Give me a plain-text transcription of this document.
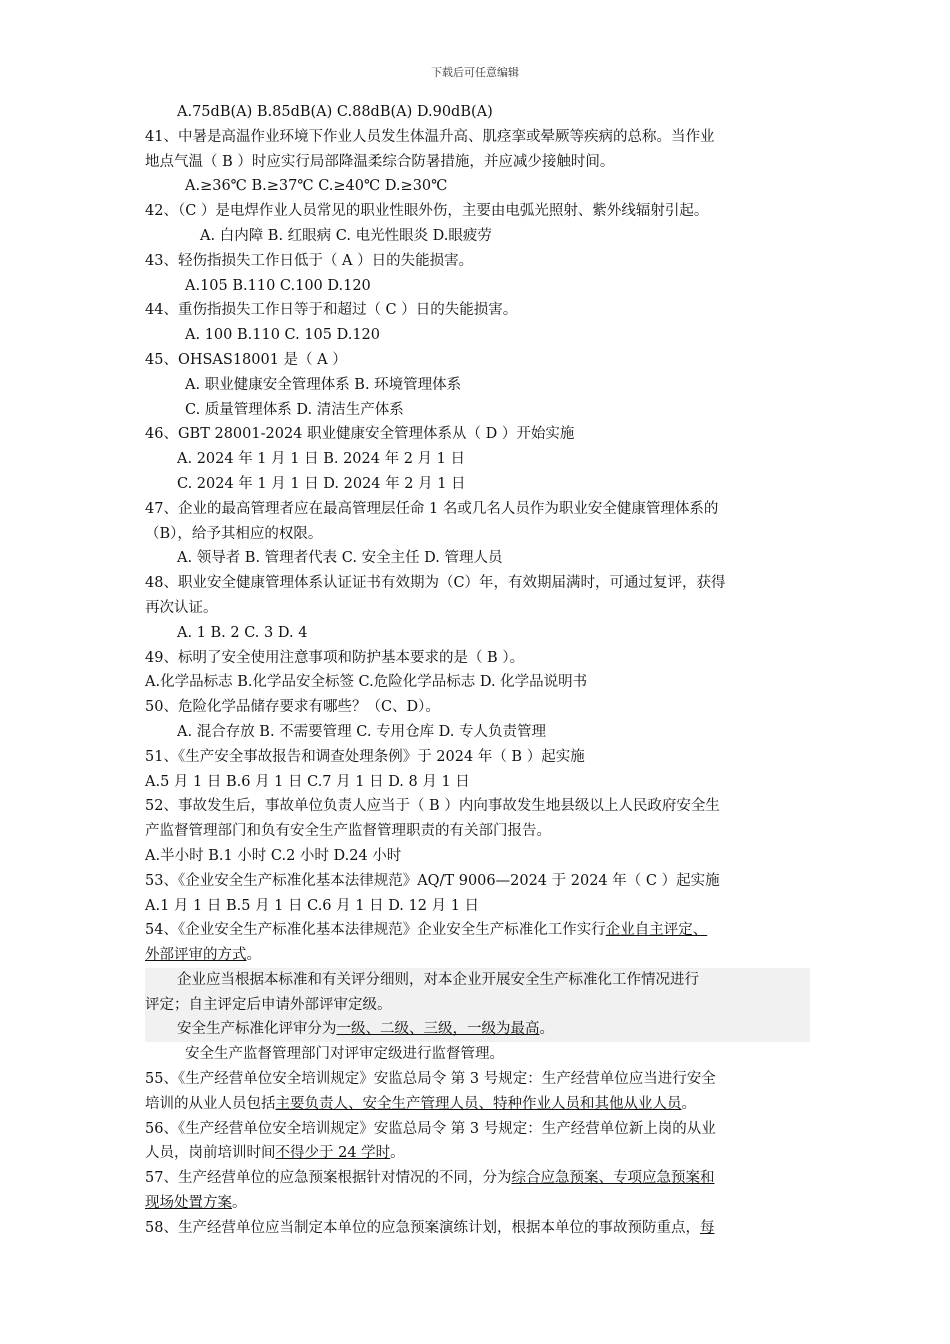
下载后可任意编辑
A.75dB(A) B.85dB(A) C.88dB(A) D.90dB(A)
41、中暑是高温作业环境下作业人员发生体温升高、肌痉挛或晕厥等疾病的总称。当作业
地点气温（ B ）时应实行局部降温柔综合防暑措施，并应减少接触时间。
A.≥36℃ B.≥37℃ C.≥40℃ D.≥30℃
42、（C ）是电焊作业人员常见的职业性眼外伤，主要由电弧光照射、紫外线辐射引起。
A. 白内障 B. 红眼病 C. 电光性眼炎 D.眼疲劳
43、轻伤指损失工作日低于（ A ）日的失能损害。
A.105 B.110 C.100 D.120
44、重伤指损失工作日等于和超过（ C ）日的失能损害。
A. 100 B.110 C. 105 D.120
45、OHSAS18001 是（ A ）
A. 职业健康安全管理体系 B. 环境管理体系
C. 质量管理体系 D. 清洁生产体系
46、GBT 28001-2024 职业健康安全管理体系从（ D ）开始实施
A. 2024 年 1 月 1 日 B. 2024 年 2 月 1 日
C. 2024 年 1 月 1 日 D. 2024 年 2 月 1 日
47、企业的最高管理者应在最高管理层任命 1 名或几名人员作为职业安全健康管理体系的
（B），给予其相应的权限。
A. 领导者 B. 管理者代表 C. 安全主任 D. 管理人员
48、职业安全健康管理体系认证证书有效期为（C）年，有效期届满时，可通过复评，获得
再次认证。
A. 1 B. 2 C. 3 D. 4
49、标明了安全使用注意事项和防护基本要求的是（ B ）。
A.化学品标志 B.化学品安全标签 C.危险化学品标志 D. 化学品说明书
50、危险化学品储存要求有哪些？（C、D）。
A. 混合存放 B. 不需要管理 C. 专用仓库 D. 专人负责管理
51、《生产安全事故报告和调查处理条例》于 2024 年（ B ）起实施
A.5 月 1 日 B.6 月 1 日 C.7 月 1 日 D. 8 月 1 日
52、事故发生后，事故单位负责人应当于（ B ）内向事故发生地县级以上人民政府安全生
产监督管理部门和负有安全生产监督管理职责的有关部门报告。
A.半小时 B.1 小时 C.2 小时 D.24 小时
53、《企业安全生产标准化基本法律规范》AQ/T 9006—2024 于 2024 年（ C ）起实施
A.1 月 1 日 B.5 月 1 日 C.6 月 1 日 D. 12 月 1 日
54、《企业安全生产标准化基本法律规范》企业安全生产标准化工作实行企业自主评定、
外部评审的方式。
企业应当根据本标准和有关评分细则，对本企业开展安全生产标准化工作情况进行
评定；自主评定后申请外部评审定级。
安全生产标准化评审分为一级、二级、三级，一级为最高。
安全生产监督管理部门对评审定级进行监督管理。
55、《生产经营单位安全培训规定》安监总局令 第 3 号规定：生产经营单位应当进行安全
培训的从业人员包括主要负责人、安全生产管理人员、特种作业人员和其他从业人员。
56、《生产经营单位安全培训规定》安监总局令 第 3 号规定：生产经营单位新上岗的从业
人员，岗前培训时间不得少于 24 学时。
57、生产经营单位的应急预案根据针对情况的不同，分为综合应急预案、专项应急预案和
现场处置方案。
58、生产经营单位应当制定本单位的应急预案演练计划，根据本单位的事故预防重点，每
